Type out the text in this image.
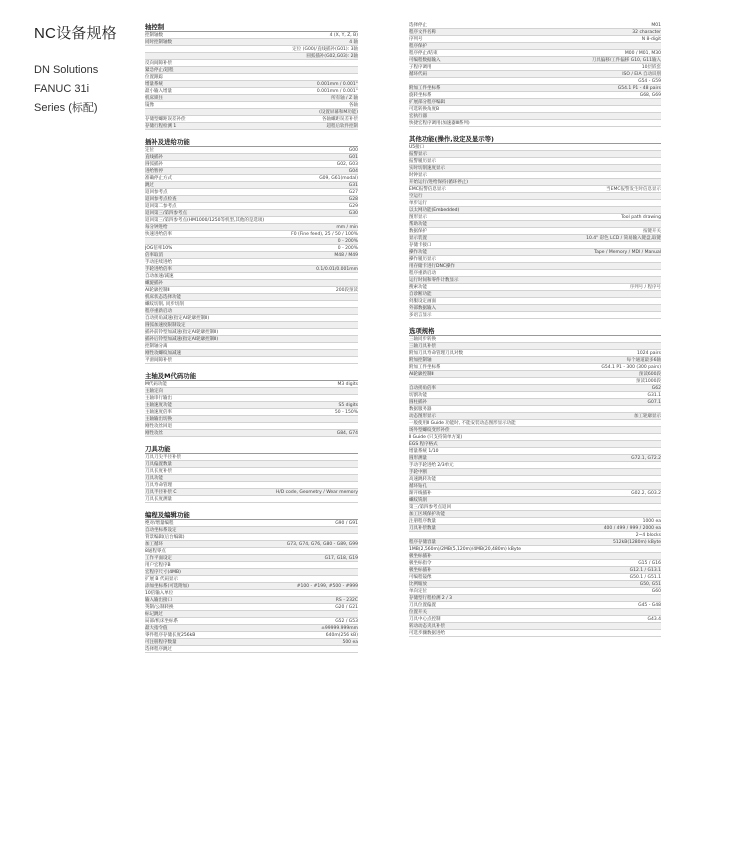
NC设备规格
DN Solutions
FANUC 31i
Series (标配)
轴控制
控制轴数	4 (X, Y, Z, B)
同时控制轴数	4 轴
定位 (G00)/直线插补(G01): 3轴
圆弧插补(G02,G03): 2轴
反向间隙补偿
紧急停止/超程
位置跟踪
增量系统	0.001mm / 0.001°
最小输入增量	0.001mm / 0.001°
机床锁住	所有轴 / Z 轴
镜像	各轴
(设置屏幕和M功能)
存储型螺距误差补偿	各轴螺距误差补偿
存储行程检测 1	超程后软件控制
插补及进给功能
定位	G00
直线插补	G01
圆弧插补	G02, G03
进给暂停	G04
准确停止方式	G09, G61(modal)
跳过	G31
返回参考点	G27
返回参考点检查	G28
返回第二参考点	G29
返回第三/第四参考点	G30
返回第三/第四参考点(HM1000/1250等机型,其他的是选项)
每分钟进给	mm / min
快速进给倍率	F0 (Fine feed), 25 / 50 / 100%
0 - 200%
JOG倍率10%	0 - 200%
倍率取消	M48 / M49
手动连续进给
手轮进给倍率	0.1/0.01/0.001mm
自动加速/减速
螺旋插补
AI轮廓控制Ⅱ	200段预读
机床状态选择功能
螺纹切削, 同步切削
程序重新启动
自动拐角减速(指定AI轮廓控制Ⅱ)
圆弧加速度限制设定
插补前铃型加减速(指定AI轮廓控制Ⅱ)
插补后铃型加减速(指定AI轮廓控制Ⅱ)
控制轴分离
刚性攻螺纹加减速
平滑间隙补偿
主轴及M代码功能
M代码功能	M3 digits
主轴定向
主轴串行输出
主轴速度功能	S5 digits
主轴速度倍率	50 - 150%
主轴输出切换
刚性攻丝回退
刚性攻丝	G84, G74
刀具功能
刀具刀尖半径补偿
刀具偏置数量
刀具长度补偿
刀具功能
刀具寿命管理
刀具半径补偿 C	H/D code, Geometry / Wear memory
刀具长度测量
编程及编辑功能
绝对/增量编程	G90 / G91
自动坐标系设定
背景编辑(后台编辑)
加工循环	G73, G74, G76, G80 - G89, G99
8通程零点
工作平面设定	G17, G18, G19
用户宏程序B
宏程序尺寸(4MB)
扩展 B 代码显示
添加坐标系(可选附加)	#100 - #199, #500 - #999
10倍输入单位
输入输出接口	RS - 232C
英制/公制转换	G20 / G21
标记跳过
局部/机床坐标系	G52 / G53
最大指令值	±99999.999mm
零件程序存储长度256kB	640m(256 kB)
可注册程序数量	500 ea
选择程序跳过
选择停止	M01
程序文件名称	32 character
序列号	N 8-digit
程序保护
程序停止/结束	M00 / M01, M30
可编程数据输入	刀具偏移/工件偏移 G10, G11输入
子程序调用	10层嵌套
循环代码	ISO / EIA 自动识别
G54 - G59
附加工件坐标系	G54.1 P1 - 48 pairs
旋转坐标系	G68, G69
扩展部分程序编辑
可选转换角度B
宏执行器
快捷宏程序调用(加速器Ⅲ系列)
其他功能(操作,设定及显示等)
U5接口
报警显示
报警履历显示
实时切削速度显示
时钟显示
开始运行/进给保持(循环停止)
EMC报警信息显示	当EMC报警发生时信息显示
空运行
单步运行
以太网功能(Embedded)
图形显示	Tool path drawing
帮助功能
数据保护	按键开关
显示装置	10.4" 彩色 LCD / 简易输入键盘,取键
存储卡接口
操作功能	Tape / Memory / MDI / Manual
操作履历显示
用存储卡进行DNC操作
程序重新启动
运行时间和零件计数显示
搜索功能	序列号 / 程序号
自诊断功能
伺服设定画面
外部数据输入
多语言显示
选项规格
三轴同步转换
三轴刀具补偿
附加刀具寿命管理刀具对数	1024 pairs
附加控制轴	每个通道最多6轴
附加工件坐标系	G54.1 P1 - 300 (300 pairs)
AI轮廓控制Ⅱ	预读600段
预读1000段
自动拐角倍率	G62
切割功能	G31.1
圆柱插补	G07.1
数据服务器
动态图形显示	加工轮廓显示
一般使用Ⅱ Guide 功能时, 不能安装动态图形显示功能
场外型螺纹变形补偿
Ⅱ Guide (只支持简单方案)
EGS 程序格式
增量系统 1/10
圆形测量	G72.1, G72.2
手动手轮进给 2/3单元
手轮中断
高速跳转功能
循环钻孔
渐开线插补	G02.2, G03.2
螺纹铣削
第三/第四参考点返回
加工区域保护功能
注册程序数量	1000 ea
刀具补偿数量	400 / 499 / 999 / 2000 ea
2~4 blocks
程序存储容量	512kB(1280m) kByte
1MB(2,560m)/2MB(5,120m)/4MB(20,480m) kByte
极坐标插补
极坐标指令	G15 / G16
极坐标插补	G12.1 / G13.1
可编程镜像	G50.1 / G51.1
比例缩放	G50, G51
单向定位	G60
存储型行程检测 2 / 3
刀具位置偏置	G45 - G48
位置开关
刀具中心点控制	G43.4
转动动态夹具补偿
可选步骤数据进给
